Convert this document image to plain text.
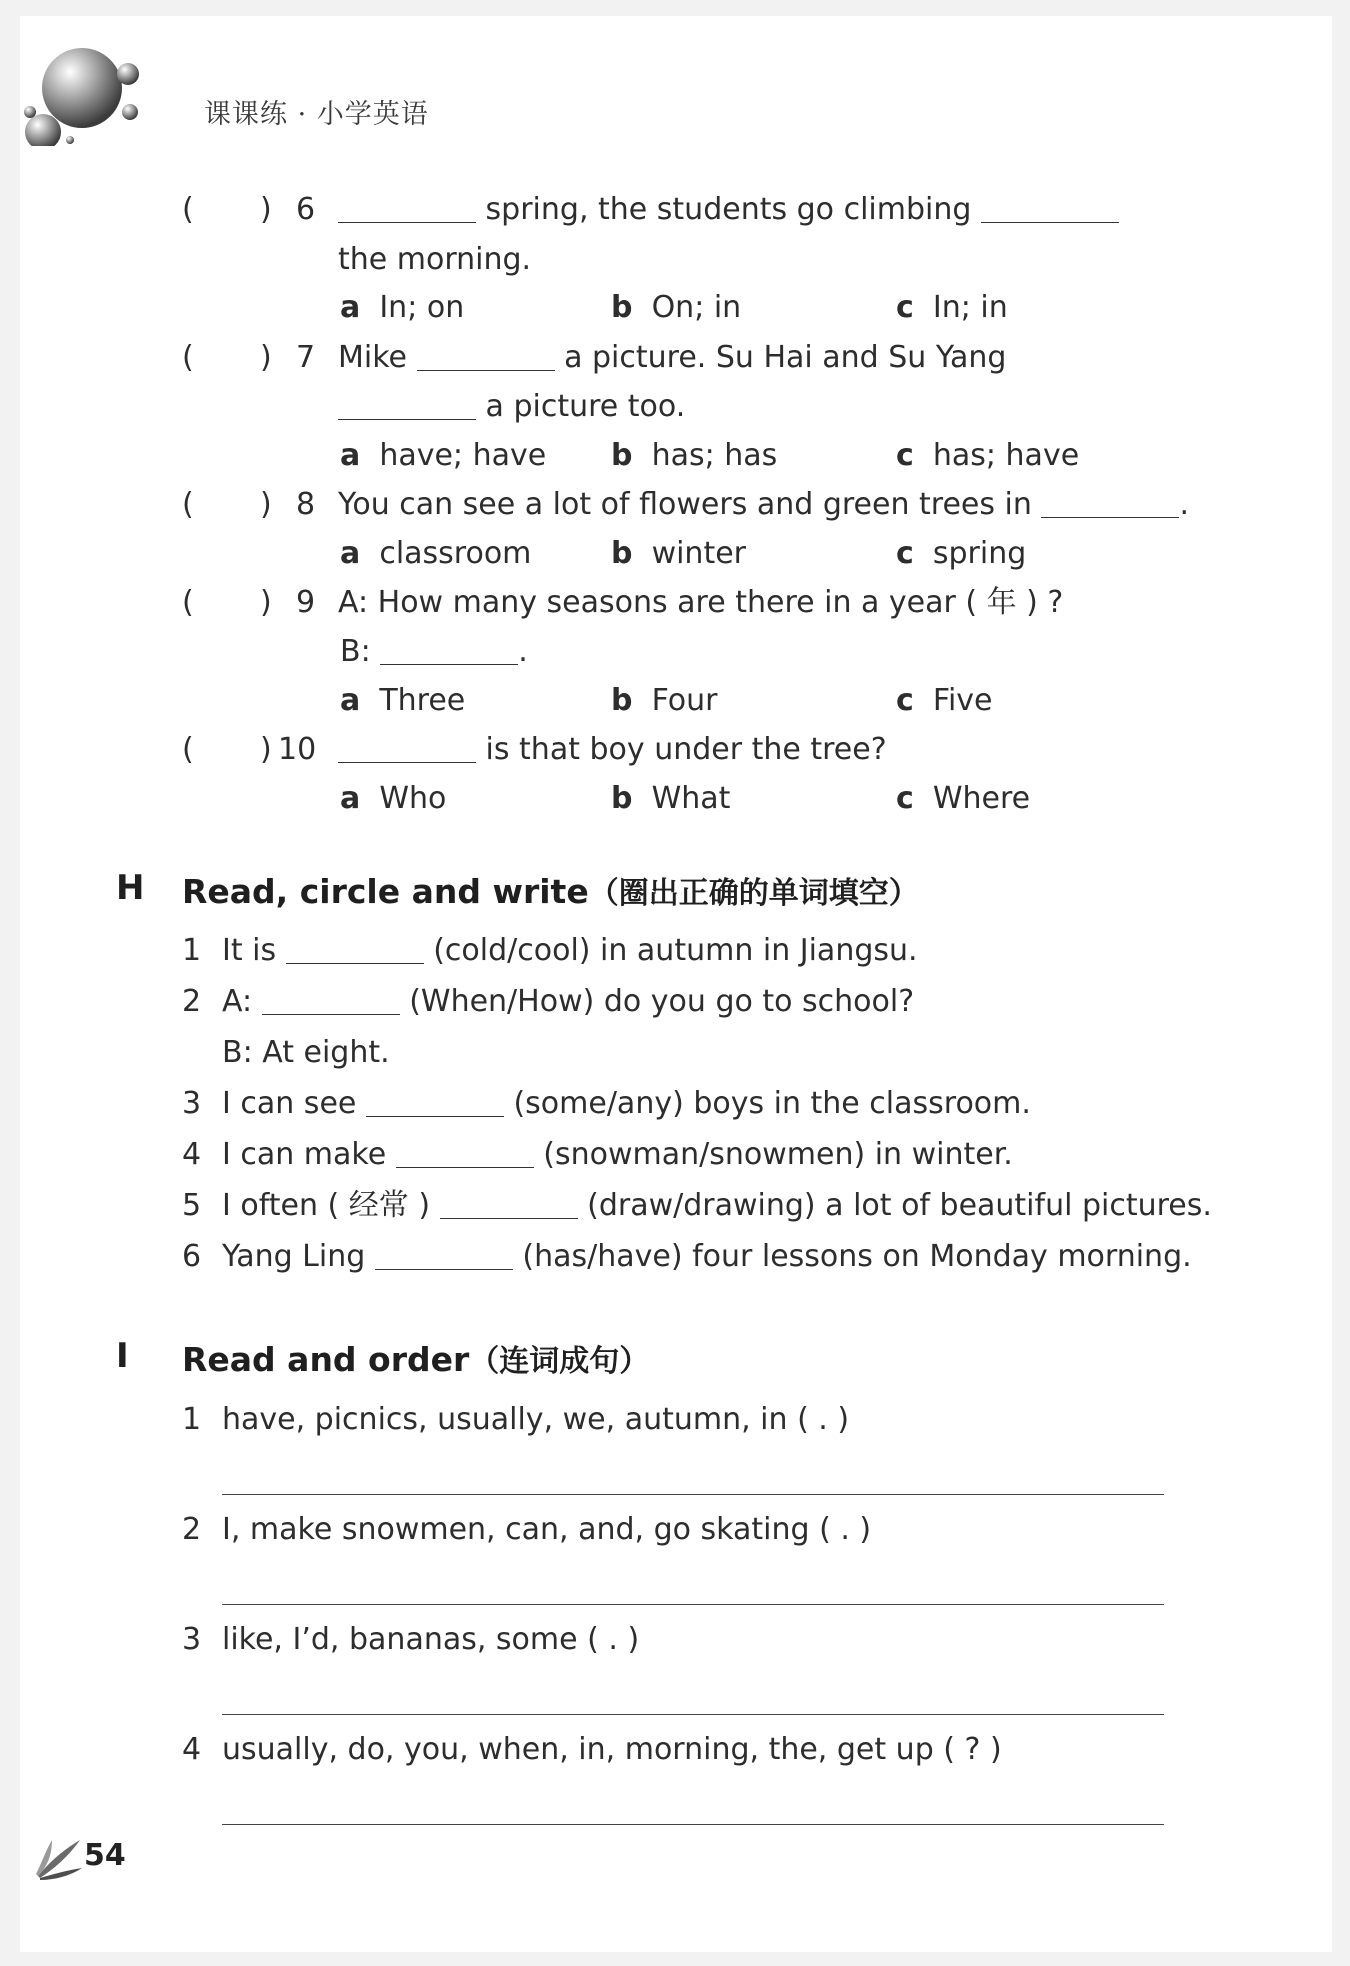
课课练 · 小学英语
( ) 6	spring, the students go climbing
the morning.
a In; on	b On; in	c In; in
( ) 7 Mike	a picture. Su Hai and Su Yang
a picture too.
a have; have b has; has	c has; have
( ) 8 You can see a lot of flowers and green trees in	.
a classroom	b winter	c spring
( ) 9 A: How many seasons are there in a year ( 年 ) ?
B:	.
a Three	b Four	c Five
( ) 10	is that boy under the tree?
a Who	b What	c Where
H Read, circle and write（圈出正确的单词填空）
1 It is	(cold/cool) in autumn in Jiangsu.
2 A:	(When/How) do you go to school?
B: At eight.
3 I can see	(some/any) boys in the classroom.
4 I can make	(snowman/snowmen) in winter.
5 I often ( 经常 )	(draw/drawing) a lot of beautiful pictures.
6 Yang Ling	(has/have) four lessons on Monday morning.
I Read and order（连词成句）
1 have, picnics, usually, we, autumn, in ( . )
2 I, make snowmen, can, and, go skating ( . )
3 like, I’d, bananas, some ( . )
4 usually, do, you, when, in, morning, the, get up ( ? )
54
